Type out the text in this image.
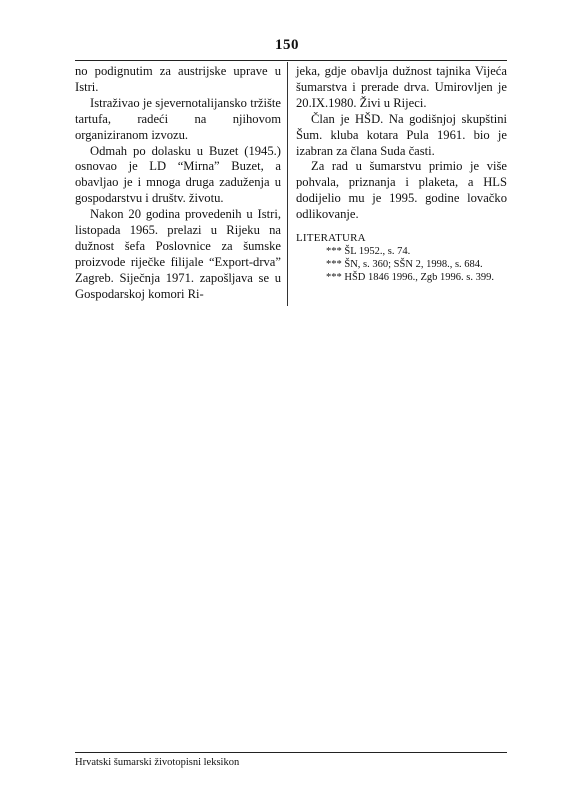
150

no podignutim za austrijske uprave u Istri.

Istraživao je sjevernotalijansko tržište tartufa, radeći na njihovom organiziranom izvozu.

Odmah po dolasku u Buzet (1945.) osnovao je LD “Mirna” Buzet, a obavljao je i mnoga druga zaduženja u gospodarstvu i društv. životu.

Nakon 20 godina provedenih u Istri, listopada 1965. prelazi u Rijeku na dužnost šefa Poslovnice za šumske proizvode riječke filijale “Export-drva” Zagreb. Siječnja 1971. zapošljava se u Gospodarskoj komori Ri-

jeka, gdje obavlja dužnost tajnika Vijeća šumarstva i prerade drva. Umirovljen je 20.IX.1980. Živi u Rijeci.

Član je HŠD. Na godišnjoj skupštini Šum. kluba kotara Pula 1961. bio je izabran za člana Suda časti.

Za rad u šumarstvu primio je više pohvala, priznanja i plaketa, a HLS dodijelio mu je 1995. godine lovačko odlikovanje.

LITERATURA

*** ŠL 1952., s. 74.
*** ŠN, s. 360; SŠN 2, 1998., s. 684.
*** HŠD 1846 1996., Zgb 1996. s. 399.
Hrvatski šumarski životopisni leksikon
